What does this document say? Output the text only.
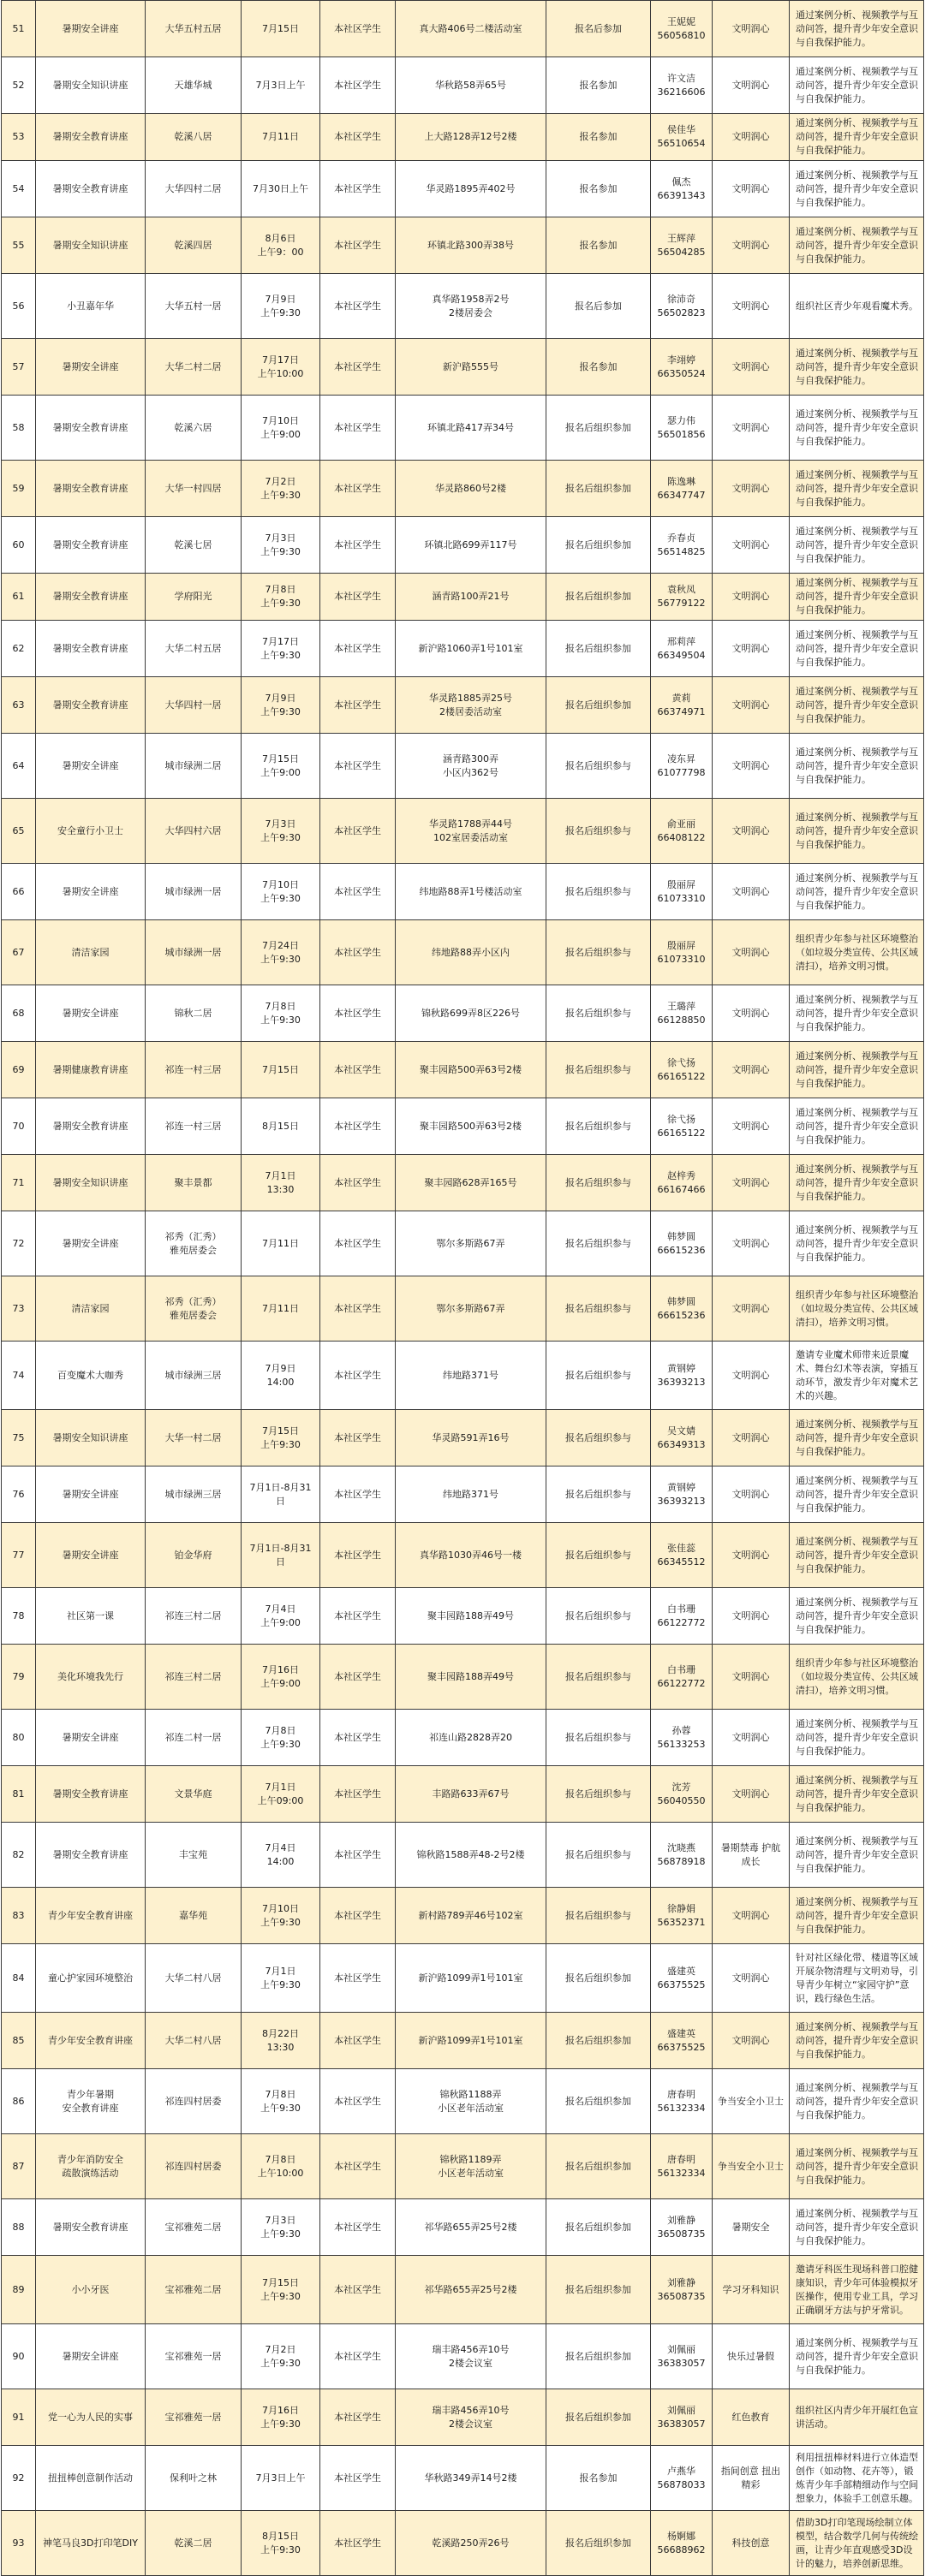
51	暑期安全讲座	大华五村五居	7月15日	本社区学生	真大路406号二楼活动室	报名后参加	王妮妮
56056810	文明润心	通过案例分析、视频教学与互动问答，提升青少年安全意识与自我保护能力。
52	暑期安全知识讲座	天雄华城	7月3日上午	本社区学生	华秋路58弄65号	报名参加	许文洁
36216606	文明润心	通过案例分析、视频教学与互动问答，提升青少年安全意识与自我保护能力。
53	暑期安全教育讲座	乾溪八居	7月11日	本社区学生	上大路128弄12号2楼	报名参加	侯佳华
56510654	文明润心	通过案例分析、视频教学与互动问答，提升青少年安全意识与自我保护能力。
54	暑期安全教育讲座	大华四村二居	7月30日上午	本社区学生	华灵路1895弄402号	报名参加	佩杰
66391343	文明润心	通过案例分析、视频教学与互动问答，提升青少年安全意识与自我保护能力。
55	暑期安全知识讲座	乾溪四居	8月6日
上午9：00	本社区学生	环镇北路300弄38号	报名参加	王辉萍
56504285	文明润心	通过案例分析、视频教学与互动问答，提升青少年安全意识与自我保护能力。
56	小丑嘉年华	大华五村一居	7月9日
上午9:30	本社区学生	真华路1958弄2号
2楼居委会	报名后参加	徐沛奇
56502823	文明润心	组织社区青少年观看魔术秀。
57	暑期安全讲座	大华二村二居	7月17日
上午10:00	本社区学生	新沪路555号	报名参加	李翊婷
66350524	文明润心	通过案例分析、视频教学与互动问答，提升青少年安全意识与自我保护能力。
58	暑期安全教育讲座	乾溪六居	7月10日
上午9:00	本社区学生	环镇北路417弄34号	报名后组织参加	瑟力伟
56501856	文明润心	通过案例分析、视频教学与互动问答，提升青少年安全意识与自我保护能力。
59	暑期安全教育讲座	大华一村四居	7月2日
上午9:30	本社区学生	华灵路860号2楼	报名后组织参加	陈逸琳
66347747	文明润心	通过案例分析、视频教学与互动问答，提升青少年安全意识与自我保护能力。
60	暑期安全教育讲座	乾溪七居	7月3日
上午9:30	本社区学生	环镇北路699弄117号	报名后组织参加	乔春贞
56514825	文明润心	通过案例分析、视频教学与互动问答，提升青少年安全意识与自我保护能力。
61	暑期安全教育讲座	学府阳光	7月8日
上午9:30	本社区学生	涵青路100弄21号	报名后组织参加	袁秋凤
56779122	文明润心	通过案例分析、视频教学与互动问答，提升青少年安全意识与自我保护能力。
62	暑期安全教育讲座	大华二村五居	7月17日
上午9:30	本社区学生	新沪路1060弄1号101室	报名后组织参加	邢莉萍
66349504	文明润心	通过案例分析、视频教学与互动问答，提升青少年安全意识与自我保护能力。
63	暑期安全教育讲座	大华四村一居	7月9日
上午9:30	本社区学生	华灵路1885弄25号
2楼居委活动室	报名后组织参加	黄莉
66374971	文明润心	通过案例分析、视频教学与互动问答，提升青少年安全意识与自我保护能力。
64	暑期安全讲座	城市绿洲二居	7月15日
上午9:00	本社区学生	涵青路300弄
小区内362号	报名后组织参与	凌东昇
61077798	文明润心	通过案例分析、视频教学与互动问答，提升青少年安全意识与自我保护能力。
65	安全童行小卫士	大华四村六居	7月3日
上午9:30	本社区学生	华灵路1788弄44号
102室居委活动室	报名后组织参与	俞亚丽
66408122	文明润心	通过案例分析、视频教学与互动问答，提升青少年安全意识与自我保护能力。
66	暑期安全讲座	城市绿洲一居	7月10日
上午9:30	本社区学生	纬地路88弄1号楼活动室	报名后组织参与	殷丽屏
61073310	文明润心	通过案例分析、视频教学与互动问答，提升青少年安全意识与自我保护能力。
67	清洁家园	城市绿洲一居	7月24日
上午9:30	本社区学生	纬地路88弄小区内	报名后组织参与	殷丽屏
61073310	文明润心	组织青少年参与社区环境整治（如垃圾分类宣传、公共区域清扫），培养文明习惯。
68	暑期安全讲座	锦秋二居	7月8日
上午9:30	本社区学生	锦秋路699弄8区226号	报名后组织参与	王璐萍
66128850	文明润心	通过案例分析、视频教学与互动问答，提升青少年安全意识与自我保护能力。
69	暑期健康教育讲座	祁连一村三居	7月15日	本社区学生	聚丰园路500弄63号2楼	报名后组织参与	徐弋扬
66165122	文明润心	通过案例分析、视频教学与互动问答，提升青少年安全意识与自我保护能力。
70	暑期安全教育讲座	祁连一村三居	8月15日	本社区学生	聚丰园路500弄63号2楼	报名后组织参与	徐弋扬
66165122	文明润心	通过案例分析、视频教学与互动问答，提升青少年安全意识与自我保护能力。
71	暑期安全知识讲座	聚丰景都	7月1日
13:30	本社区学生	聚丰园路628弄165号	报名后组织参与	赵梓秀
66167466	文明润心	通过案例分析、视频教学与互动问答，提升青少年安全意识与自我保护能力。
72	暑期安全讲座	祁秀（汇秀）
雅苑居委会	7月11日	本社区学生	鄂尔多斯路67弄	报名后组织参与	韩梦圆
66615236	文明润心	通过案例分析、视频教学与互动问答，提升青少年安全意识与自我保护能力。
73	清洁家园	祁秀（汇秀）
雅苑居委会	7月11日	本社区学生	鄂尔多斯路67弄	报名后组织参与	韩梦圆
66615236	文明润心	组织青少年参与社区环境整治（如垃圾分类宣传、公共区域清扫），培养文明习惯。
74	百变魔术大咖秀	城市绿洲三居	7月9日
14:00	本社区学生	纬地路371号	报名后组织参与	黄钢婷
36393213	文明润心	邀请专业魔术师带来近景魔术、舞台幻术等表演，穿插互动环节，激发青少年对魔术艺术的兴趣。
75	暑期安全知识讲座	大华一村二居	7月15日
上午9:30	本社区学生	华灵路591弄16号	报名后组织参与	吴文婧
66349313	文明润心	通过案例分析、视频教学与互动问答，提升青少年安全意识与自我保护能力。
76	暑期安全讲座	城市绿洲三居	7月1日-8月31日	本社区学生	纬地路371号	报名后组织参与	黄钢婷
36393213	文明润心	通过案例分析、视频教学与互动问答，提升青少年安全意识与自我保护能力。
77	暑期安全讲座	铂金华府	7月1日-8月31日	本社区学生	真华路1030弄46号一楼	报名后组织参与	张佳蕊
66345512	文明润心	通过案例分析、视频教学与互动问答，提升青少年安全意识与自我保护能力。
78	社区第一课	祁连三村二居	7月4日
上午9:00	本社区学生	聚丰园路188弄49号	报名后组织参与	白书珊
66122772	文明润心	通过案例分析、视频教学与互动问答，提升青少年安全意识与自我保护能力。
79	美化环境我先行	祁连三村二居	7月16日
上午9:00	本社区学生	聚丰园路188弄49号	报名后组织参与	白书珊
66122772	文明润心	组织青少年参与社区环境整治（如垃圾分类宣传、公共区域清扫），培养文明习惯。
80	暑期安全讲座	祁连二村一居	7月8日
上午9:30	本社区学生	祁连山路2828弄20	报名后组织参与	孙蓉
56133253	文明润心	通过案例分析、视频教学与互动问答，提升青少年安全意识与自我保护能力。
81	暑期安全教育讲座	文景华庭	7月1日
上午09:00	本社区学生	丰路路633弄67号	报名后组织参与	沈芳
56040550	文明润心	通过案例分析、视频教学与互动问答，提升青少年安全意识与自我保护能力。
82	暑期安全教育讲座	丰宝苑	7月4日
14:00	本社区学生	锦秋路1588弄48-2号2楼	报名后组织参与	沈晓燕
56878918	暑期禁毒 护航成长	通过案例分析、视频教学与互动问答，提升青少年安全意识与自我保护能力。
83	青少年安全教育讲座	嘉华苑	7月10日
上午9:30	本社区学生	新村路789弄46号102室	报名后组织参与	徐静娟
56352371	文明润心	通过案例分析、视频教学与互动问答，提升青少年安全意识与自我保护能力。
84	童心护家园环境整治	大华二村八居	7月1日
上午9:30	本社区学生	新沪路1099弄1号101室	报名后组织参加	盛建英
66375525	文明润心	针对社区绿化带、楼道等区域开展杂物清理与文明劝导，引导青少年树立“家园守护”意识，践行绿色生活。
85	青少年安全教育讲座	大华二村八居	8月22日
13:30	本社区学生	新沪路1099弄1号101室	报名后组织参加	盛建英
66375525	文明润心	通过案例分析、视频教学与互动问答，提升青少年安全意识与自我保护能力。
86	青少年暑期
安全教育讲座	祁连四村居委	7月8日
上午9:30	本社区学生	锦秋路1188弄
小区老年活动室	报名后组织参加	唐春明
56132334	争当安全小卫士	通过案例分析、视频教学与互动问答，提升青少年安全意识与自我保护能力。
87	青少年消防安全
疏散演练活动	祁连四村居委	7月8日
上午10:00	本社区学生	锦秋路1189弄
小区老年活动室	报名后组织参加	唐春明
56132334	争当安全小卫士	通过案例分析、视频教学与互动问答，提升青少年安全意识与自我保护能力。
88	暑期安全教育讲座	宝祁雅苑二居	7月3日
上午9:30	本社区学生	祁华路655弄25号2楼	报名后组织参加	刘雅静
36508735	暑期安全	通过案例分析、视频教学与互动问答，提升青少年安全意识与自我保护能力。
89	小小牙医	宝祁雅苑二居	7月15日
上午9:30	本社区学生	祁华路655弄25号2楼	报名后组织参加	刘雅静
36508735	学习牙科知识	邀请牙科医生现场科普口腔健康知识，青少年可体验模拟牙医操作，使用专业工具，学习正确刷牙方法与护牙常识。
90	暑期安全讲座	宝祁雅苑一居	7月2日
上午9:30	本社区学生	瑞丰路456弄10号
2楼会议室	报名后组织参加	刘佩丽
36383057	快乐过暑假	通过案例分析、视频教学与互动问答，提升青少年安全意识与自我保护能力。
91	党一心为人民的实事	宝祁雅苑一居	7月16日
上午9:30	本社区学生	瑞丰路456弄10号
2楼会议室	报名后组织参加	刘佩丽
36383057	红色教育	组织社区内青少年开展红色宣讲活动。
92	扭扭棒创意制作活动	保利叶之林	7月3日上午	本社区学生	华秋路349弄14号2楼	报名参加	卢燕华
56878033	指间创意 扭出精彩	利用扭扭棒材料进行立体造型创作（如动物、花卉等），锻炼青少年手部精细动作与空间想象力，体验手工创意乐趣。
93	神笔马良3D打印笔DIY	乾溪二居	8月15日
上午9:30	本社区学生	乾溪路250弄26号	报名后组织参加	杨婀娜
56688962	科技创意	借助3D打印笔现场绘制立体模型，结合数学几何与传统绘画，让青少年直观感受3D设计的魅力，培养创新思维。
